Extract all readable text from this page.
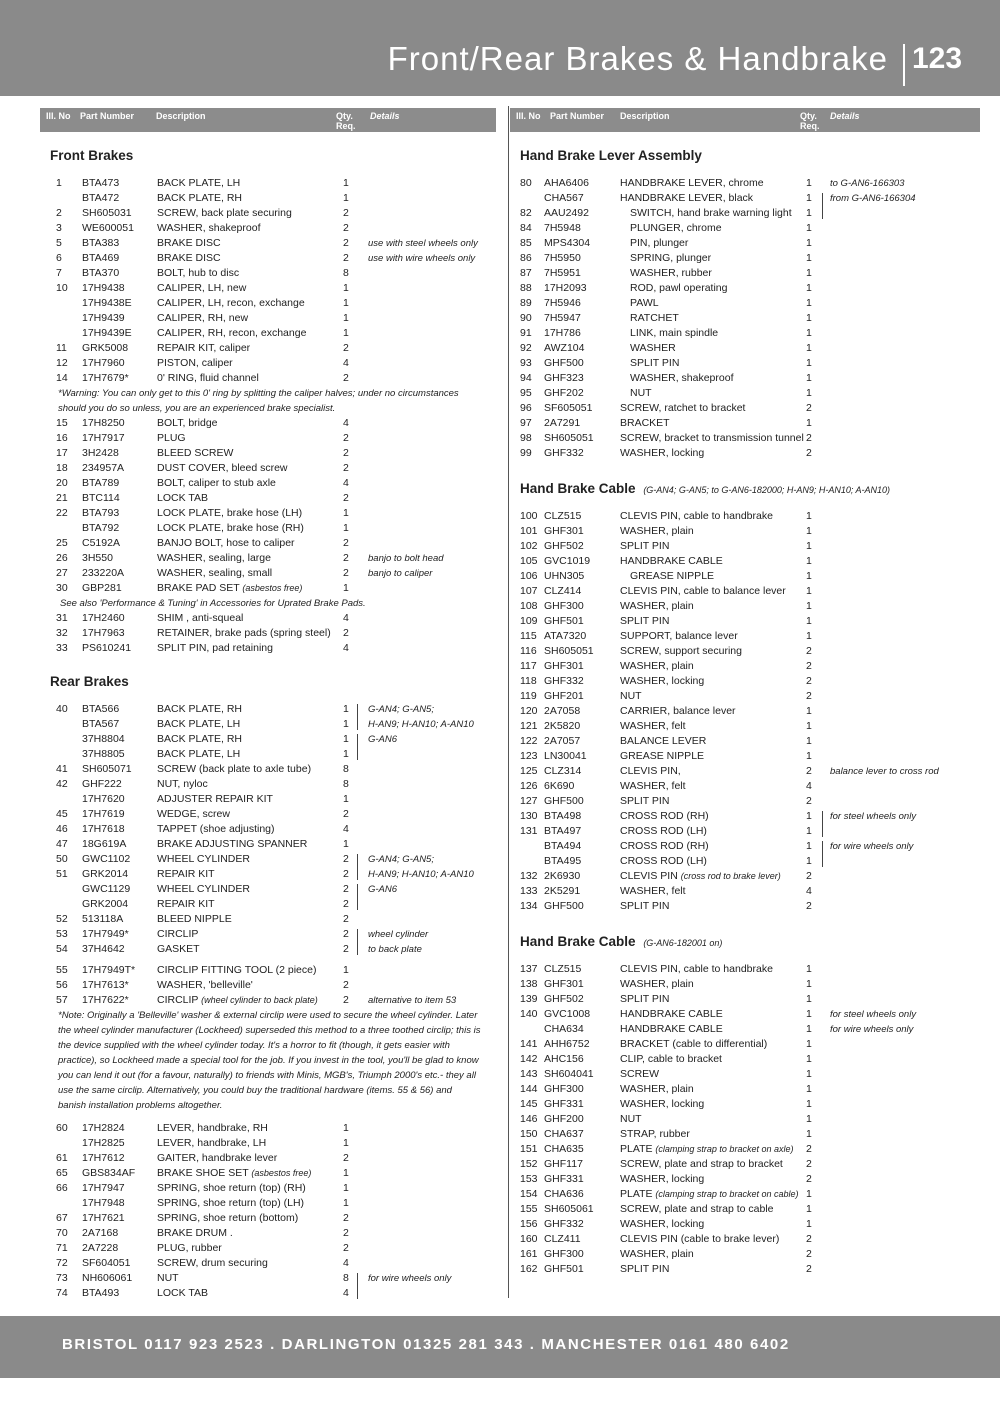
Front/Rear Brakes & Handbrake 123
Ill. No	Part Number Description	Qty. Req.
Details
Front Brakes
1 BTA473	BACK PLATE, LH	1
BTA472	BACK PLATE, RH	1
2 SH605031 SCREW, back plate securing	2
3 WE600051 WASHER, shakeproof	2
5 BTA383	BRAKE DISC	2 use with steel wheels only
6 BTA469	BRAKE DISC	2 use with wire wheels only
7 BTA370	BOLT, hub to disc	8
10 17H9438	CALIPER, LH, new	1
17H9438E CALIPER, LH, recon, exchange	1
17H9439	CALIPER, RH, new	1
17H9439E CALIPER, RH, recon, exchange	1
11 GRK5008	REPAIR KIT, caliper	2
12 17H7960	PISTON, caliper	4
14 17H7679*	0' RING, fluid channel	2
*Warning: You can only get to this 0' ring by splitting the caliper halves; under no circumstances should you do so unless, you are an experienced brake specialist.
15 17H8250	BOLT, bridge	4
16 17H7917	PLUG	2
17 3H2428	BLEED SCREW	2
18 234957A	DUST COVER, bleed screw	2
20 BTA789	BOLT, caliper to stub axle	4
21 BTC114	LOCK TAB	2
22 BTA793	LOCK PLATE, brake hose (LH)	1
BTA792	LOCK PLATE, brake hose (RH)	1
25 C5192A	BANJO BOLT, hose to caliper	2
26 3H550	WASHER, sealing, large	2 banjo to bolt head
27 233220A	WASHER, sealing, small	2 banjo to caliper
30 GBP281	BRAKE PAD SET (asbestos free)	1
See also 'Performance & Tuning' in Accessories for Uprated Brake Pads.
31 17H2460	SHIM , anti-squeal	4
32 17H7963	RETAINER, brake pads (spring steel) 2
33 PS610241 SPLIT PIN, pad retaining	4
Rear Brakes
40 BTA566	BACK PLATE, RH	1 G-AN4; G-AN5;
BTA567	BACK PLATE, LH	1 H-AN9; H-AN10; A-AN10
37H8804	BACK PLATE, RH	1 G-AN6
37H8805	BACK PLATE, LH	1
41 SH605071 SCREW (back plate to axle tube)	8
42 GHF222	NUT, nyloc	8
17H7620	ADJUSTER REPAIR KIT	1
45 17H7619	WEDGE, screw	2
46 17H7618	TAPPET (shoe adjusting)	4
47 18G619A	BRAKE ADJUSTING SPANNER	1
50 GWC1102	WHEEL CYLINDER	2 G-AN4; G-AN5;
51 GRK2014	REPAIR KIT	2 H-AN9; H-AN10; A-AN10
GWC1129	WHEEL CYLINDER	2 G-AN6
GRK2004	REPAIR KIT	2
52 513118A	BLEED NIPPLE	2
53 17H7949*	CIRCLIP	2 wheel cylinder
54 37H4642	GASKET	2 to back plate
55 17H7949T* CIRCLIP FITTING TOOL (2 piece)	1
56 17H7613*	WASHER, 'belleville'	2
57 17H7622*	CIRCLIP (wheel cylinder to back plate) 2 alternative to item 53
*Note: Originally a 'Belleville' washer & external circlip were used to secure the wheel cylinder. Later the wheel cylinder manufacturer (Lockheed) superseded this method to a three toothed circlip; this is the device supplied with the wheel cylinder today. It's a horror to fit (though, it gets easier with practice), so Lockheed made a special tool for the job. If you invest in the tool, you'll be glad to know you can lend it out (for a favour, naturally) to friends with Minis, MGB's, Triumph 2000's etc.- they all use the same circlip. Alternatively, you could buy the traditional hardware (items. 55 & 56) and banish installation problems altogether.
60 17H2824	LEVER, handbrake, RH	1
17H2825	LEVER, handbrake, LH	1
61 17H7612	GAITER, handbrake lever	2
65 GBS834AF BRAKE SHOE SET (asbestos free)	1
66 17H7947	SPRING, shoe return (top) (RH)	1
17H7948	SPRING, shoe return (top) (LH)	1
67 17H7621	SPRING, shoe return (bottom)	2
70 2A7168	BRAKE DRUM .	2
71 2A7228	PLUG, rubber	2
72 SF604051	SCREW, drum securing	4
73 NH606061 NUT	8 for wire wheels only
74 BTA493	LOCK TAB	4
Ill. No	Part Number Description	Qty. Req.
Details
Hand Brake Lever Assembly
80 AHA6406	HANDBRAKE LEVER, chrome	1 to G-AN6-166303
CHA567	HANDBRAKE LEVER, black	1 from G-AN6-166304
82 AAU2492	SWITCH, hand brake warning light 1
84 7H5948	PLUNGER, chrome	1
85 MPS4304	PIN, plunger	1
86 7H5950	SPRING, plunger	1
87 7H5951	WASHER, rubber	1
88 17H2093	ROD, pawl operating	1
89 7H5946	PAWL	1
90 7H5947	RATCHET	1
91 17H786	LINK, main spindle	1
92 AWZ104	WASHER	1
93 GHF500	SPLIT PIN	1
94 GHF323	WASHER, shakeproof	1
95 GHF202	NUT	1
96 SF605051	SCREW, ratchet to bracket	2
97 2A7291	BRACKET	1
98 SH605051	SCREW, bracket to transmission tunnel 2
99 GHF332	WASHER, locking	2
Hand Brake Cable (G-AN4; G-AN5; to G-AN6-182000; H-AN9; H-AN10; A-AN10)
100 CLZ515	CLEVIS PIN, cable to handbrake	1
101 GHF301	WASHER, plain	1
102 GHF502	SPLIT PIN	1
105 GVC1019	HANDBRAKE CABLE	1
106 UHN305	GREASE NIPPLE	1
107 CLZ414	CLEVIS PIN, cable to balance lever 1
108 GHF300	WASHER, plain	1
109 GHF501	SPLIT PIN	1
115 ATA7320	SUPPORT, balance lever	1
116 SH605051	SCREW, support securing	2
117 GHF301	WASHER, plain	2
118 GHF332	WASHER, locking	2
119 GHF201	NUT	2
120 2A7058	CARRIER, balance lever	1
121 2K5820	WASHER, felt	1
122 2A7057	BALANCE LEVER	1
123 LN30041	GREASE NIPPLE	1
125 CLZ314	CLEVIS PIN,	2 balance lever to cross rod
126 6K690	WASHER, felt	4
127 GHF500	SPLIT PIN	2
130 BTA498	CROSS ROD (RH)	1 for steel wheels only
131 BTA497	CROSS ROD (LH)	1
BTA494	CROSS ROD (RH)	1 for wire wheels only
BTA495	CROSS ROD (LH)	1
132 2K6930	CLEVIS PIN (cross rod to brake lever) 2
133 2K5291	WASHER, felt	4
134 GHF500	SPLIT PIN	2
Hand Brake Cable (G-AN6-182001 on)
137 CLZ515	CLEVIS PIN, cable to handbrake	1
138 GHF301	WASHER, plain	1
139 GHF502	SPLIT PIN	1
140 GVC1008	HANDBRAKE CABLE	1 for steel wheels only
CHA634	HANDBRAKE CABLE	1 for wire wheels only
141 AHH6752	BRACKET (cable to differential)	1
142 AHC156	CLIP, cable to bracket	1
143 SH604041	SCREW	1
144 GHF300	WASHER, plain	1
145 GHF331	WASHER, locking	1
146 GHF200	NUT	1
150 CHA637	STRAP, rubber	1
151 CHA635	PLATE (clamping strap to bracket on axle) 2
152 GHF117	SCREW, plate and strap to bracket 2
153 GHF331	WASHER, locking	2
154 CHA636	PLATE (clamping strap to bracket on cable) 1
155 SH605061	SCREW, plate and strap to cable	1
156 GHF332	WASHER, locking	1
160 CLZ411	CLEVIS PIN (cable to brake lever)	2
161 GHF300	WASHER, plain	2
162 GHF501	SPLIT PIN	2
BRISTOL 0117 923 2523 . DARLINGTON 01325 281 343 . MANCHESTER 0161 480 6402
